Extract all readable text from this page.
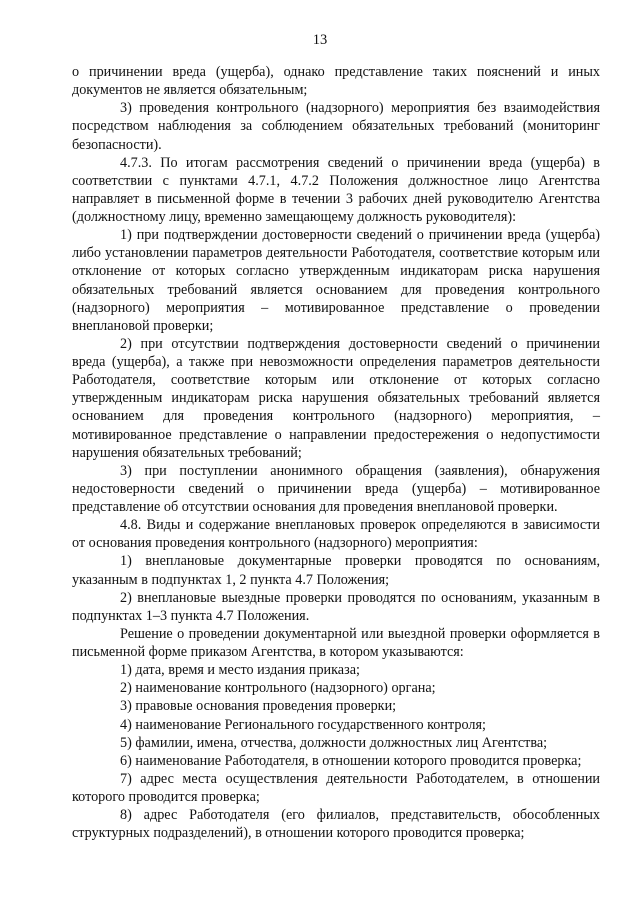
13

о причинении вреда (ущерба), однако представление таких пояснений и иных документов не является обязательным;

3) проведения контрольного (надзорного) мероприятия без взаимодействия посредством наблюдения за соблюдением обязательных требований (мониторинг безопасности).

4.7.3. По итогам рассмотрения сведений о причинении вреда (ущерба) в соответствии с пунктами 4.7.1, 4.7.2 Положения должностное лицо Агентства направляет в письменной форме в течении 3 рабочих дней руководителю Агентства (должностному лицу, временно замещающему должность руководителя):

1) при подтверждении достоверности сведений о причинении вреда (ущерба) либо установлении параметров деятельности Работодателя, соответствие которым или отклонение от которых согласно утвержденным индикаторам риска нарушения обязательных требований является основанием для проведения контрольного (надзорного) мероприятия – мотивированное представление о проведении внеплановой проверки;

2) при отсутствии подтверждения достоверности сведений о причинении вреда (ущерба), а также при невозможности определения параметров деятельности Работодателя, соответствие которым или отклонение от которых согласно утвержденным индикаторам риска нарушения обязательных требований является основанием для проведения контрольного (надзорного) мероприятия, – мотивированное представление о направлении предостережения о недопустимости нарушения обязательных требований;

3) при поступлении анонимного обращения (заявления), обнаружения недостоверности сведений о причинении вреда (ущерба) – мотивированное представление об отсутствии основания для проведения внеплановой проверки.

4.8. Виды и содержание внеплановых проверок определяются в зависимости от основания проведения контрольного (надзорного) мероприятия:

1) внеплановые документарные проверки проводятся по основаниям, указанным в подпунктах 1, 2 пункта 4.7 Положения;

2) внеплановые выездные проверки проводятся по основаниям, указанным в подпунктах 1–3 пункта 4.7 Положения.

Решение о проведении документарной или выездной проверки оформляется в письменной форме приказом Агентства, в котором указываются:

1) дата, время и место издания приказа;

2) наименование контрольного (надзорного) органа;

3) правовые основания проведения проверки;

4) наименование Регионального государственного контроля;

5) фамилии, имена, отчества, должности должностных лиц Агентства;

6) наименование Работодателя, в отношении которого проводится проверка;

7) адрес места осуществления деятельности Работодателем, в отношении которого проводится проверка;

8) адрес Работодателя (его филиалов, представительств, обособленных структурных подразделений), в отношении которого проводится проверка;
